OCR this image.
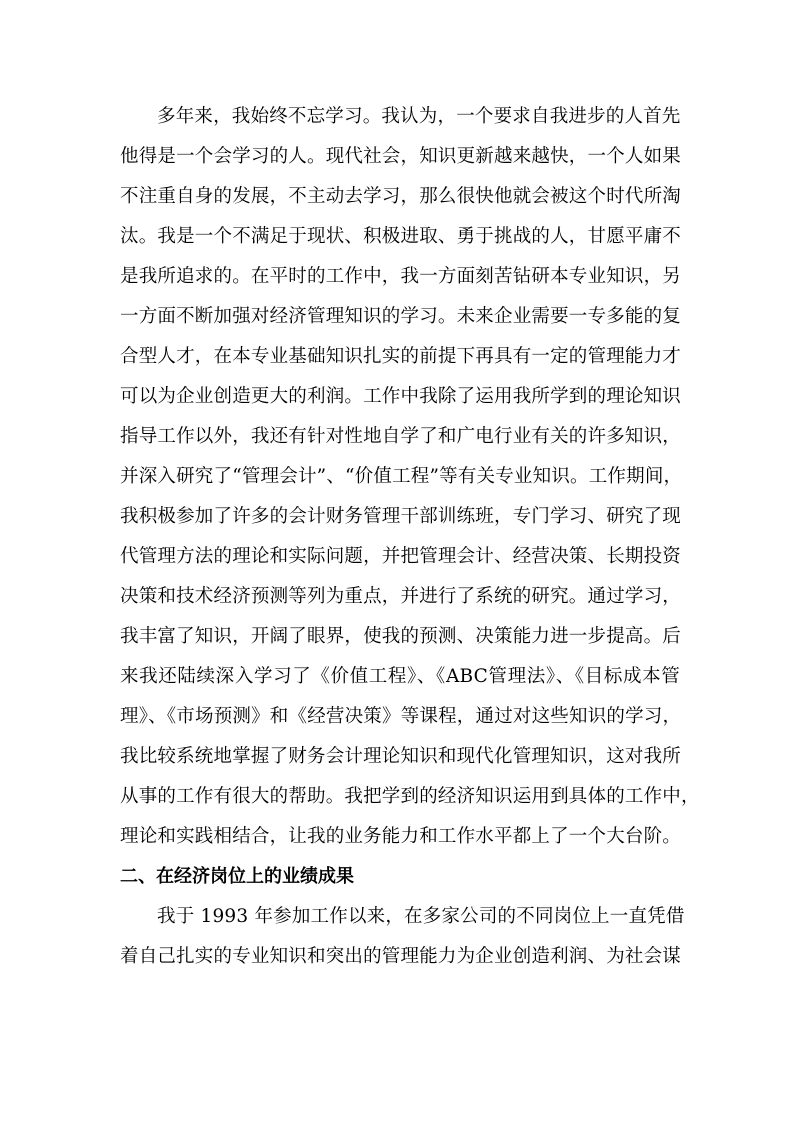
多年来，我始终不忘学习。我认为，一个要求自我进步的人首先
他得是一个会学习的人。现代社会，知识更新越来越快，一个人如果
不注重自身的发展，不主动去学习，那么很快他就会被这个时代所淘
汰。我是一个不满足于现状、积极进取、勇于挑战的人，甘愿平庸不
是我所追求的。在平时的工作中，我一方面刻苦钻研本专业知识，另
一方面不断加强对经济管理知识的学习。未来企业需要一专多能的复
合型人才，在本专业基础知识扎实的前提下再具有一定的管理能力才
可以为企业创造更大的利润。工作中我除了运用我所学到的理论知识
指导工作以外，我还有针对性地自学了和广电行业有关的许多知识，
并深入研究了“管理会计”、“价值工程”等有关专业知识。工作期间，
我积极参加了许多的会计财务管理干部训练班，专门学习、研究了现
代管理方法的理论和实际问题，并把管理会计、经营决策、长期投资
决策和技术经济预测等列为重点，并进行了系统的研究。通过学习，
我丰富了知识，开阔了眼界，使我的预测、决策能力进一步提高。后
来我还陆续深入学习了《价值工程》、《ABC管理法》、《目标成本管
理》、《市场预测》和《经营决策》等课程，通过对这些知识的学习，
我比较系统地掌握了财务会计理论知识和现代化管理知识，这对我所
从事的工作有很大的帮助。我把学到的经济知识运用到具体的工作中，
理论和实践相结合，让我的业务能力和工作水平都上了一个大台阶。
二、在经济岗位上的业绩成果
我于 1993 年参加工作以来，在多家公司的不同岗位上一直凭借
着自己扎实的专业知识和突出的管理能力为企业创造利润、为社会谋
